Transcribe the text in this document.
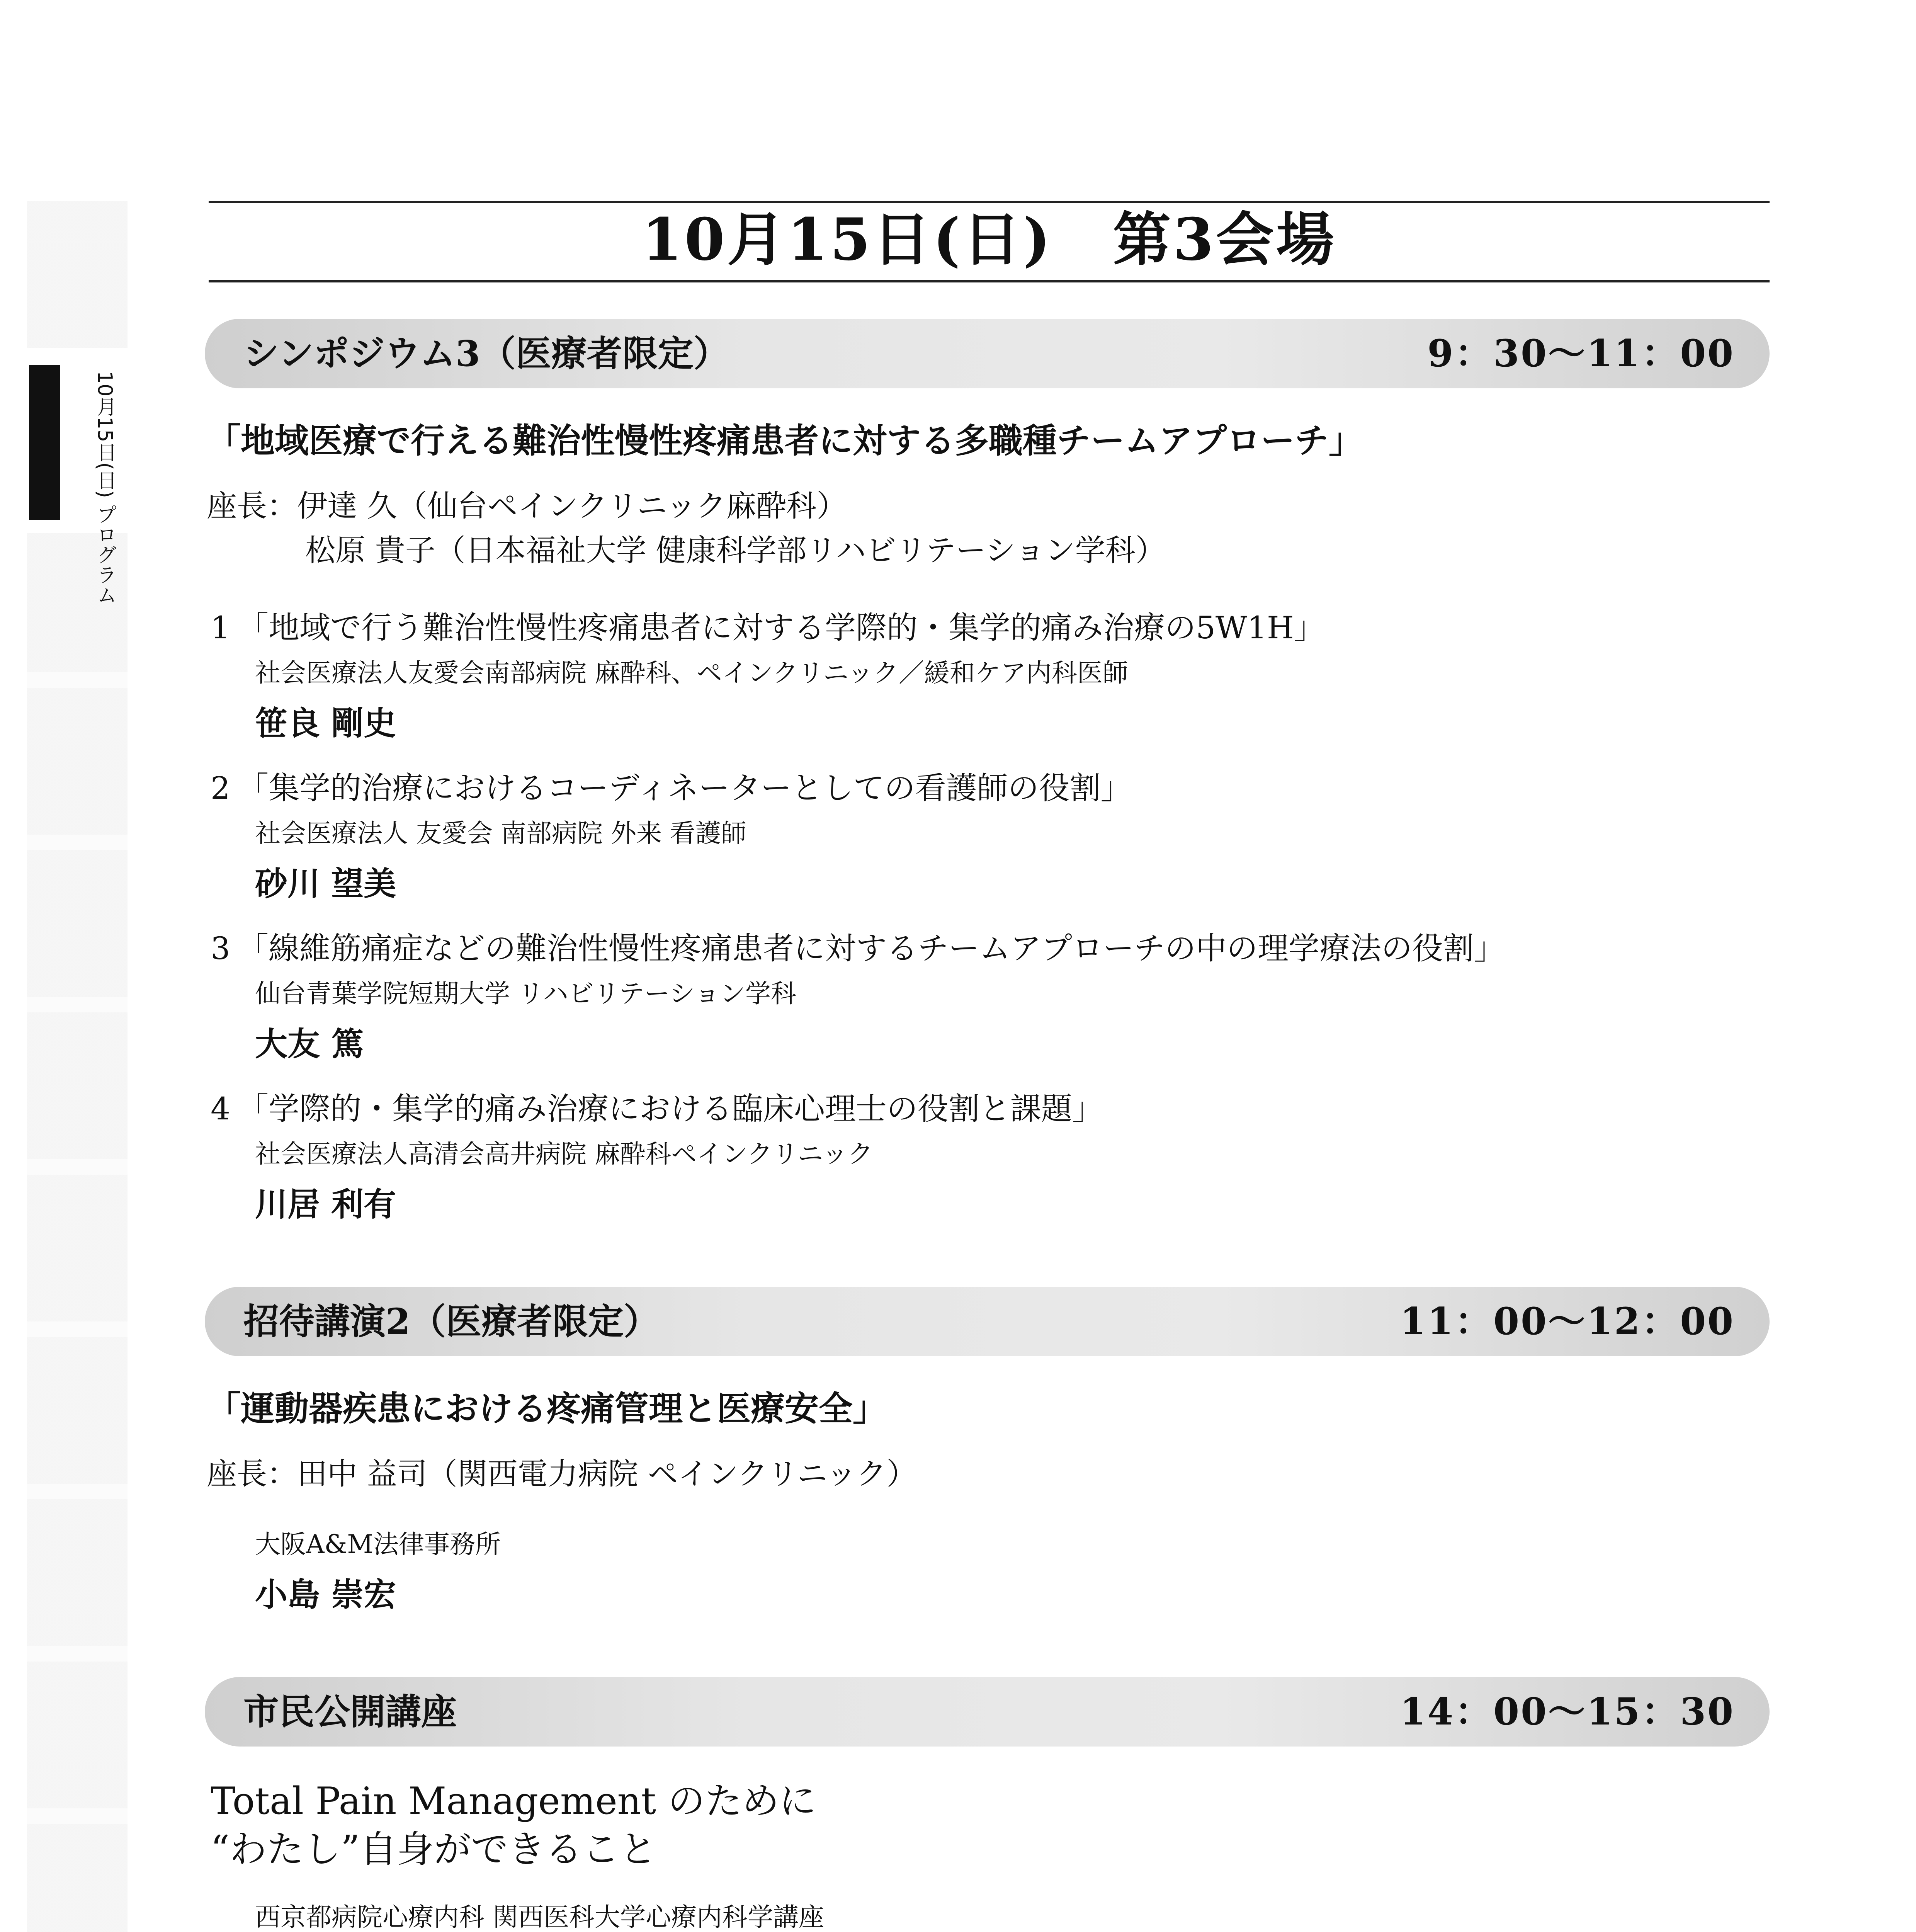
10月15日(日) プログラム
10月15日(日)　第3会場
シンポジウム3（医療者限定）	9：30～11：00
「地域医療で行える難治性慢性疼痛患者に対する多職種チームアプローチ」
座長：伊達 久（仙台ペインクリニック麻酔科）
松原 貴子（日本福祉大学 健康科学部リハビリテーション学科）
1 「地域で行う難治性慢性疼痛患者に対する学際的・集学的痛み治療の5W1H」
社会医療法人友愛会南部病院 麻酔科、ペインクリニック／緩和ケア内科医師
笹良 剛史
2 「集学的治療におけるコーディネーターとしての看護師の役割」
社会医療法人 友愛会 南部病院 外来 看護師
砂川 望美
3 「線維筋痛症などの難治性慢性疼痛患者に対するチームアプローチの中の理学療法の役割」
仙台青葉学院短期大学 リハビリテーション学科
大友 篤
4 「学際的・集学的痛み治療における臨床心理士の役割と課題」
社会医療法人高清会高井病院 麻酔科ペインクリニック
川居 利有
招待講演2（医療者限定）	11：00～12：00
「運動器疾患における疼痛管理と医療安全」
座長：田中 益司（関西電力病院 ペインクリニック）
大阪A&M法律事務所
小島 崇宏
市民公開講座	14：00～15：30
Total Pain Management のために
“わたし”自身ができること
西京都病院心療内科 関西医科大学心療内科学講座
